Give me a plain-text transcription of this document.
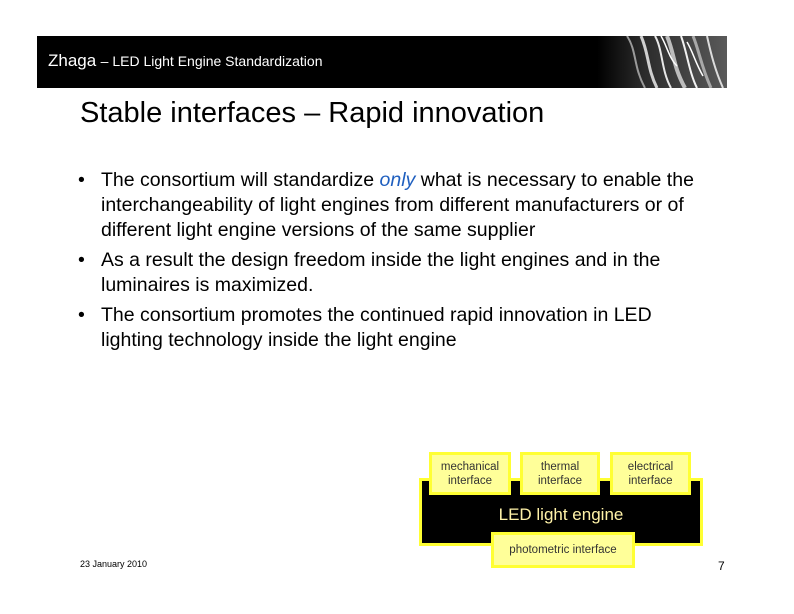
Zhaga – LED Light Engine Standardization
Stable interfaces – Rapid innovation
• The consortium will standardize only what is necessary to enable the interchangeability of light engines from different manufacturers or of different light engine versions of the same supplier
• As a result the design freedom inside the light engines and in the luminaires is maximized.
• The consortium promotes the continued rapid innovation in LED lighting technology inside the light engine
LED light engine
mechanical interface
thermal interface
electrical interface
photometric interface
23 January 2010	7
